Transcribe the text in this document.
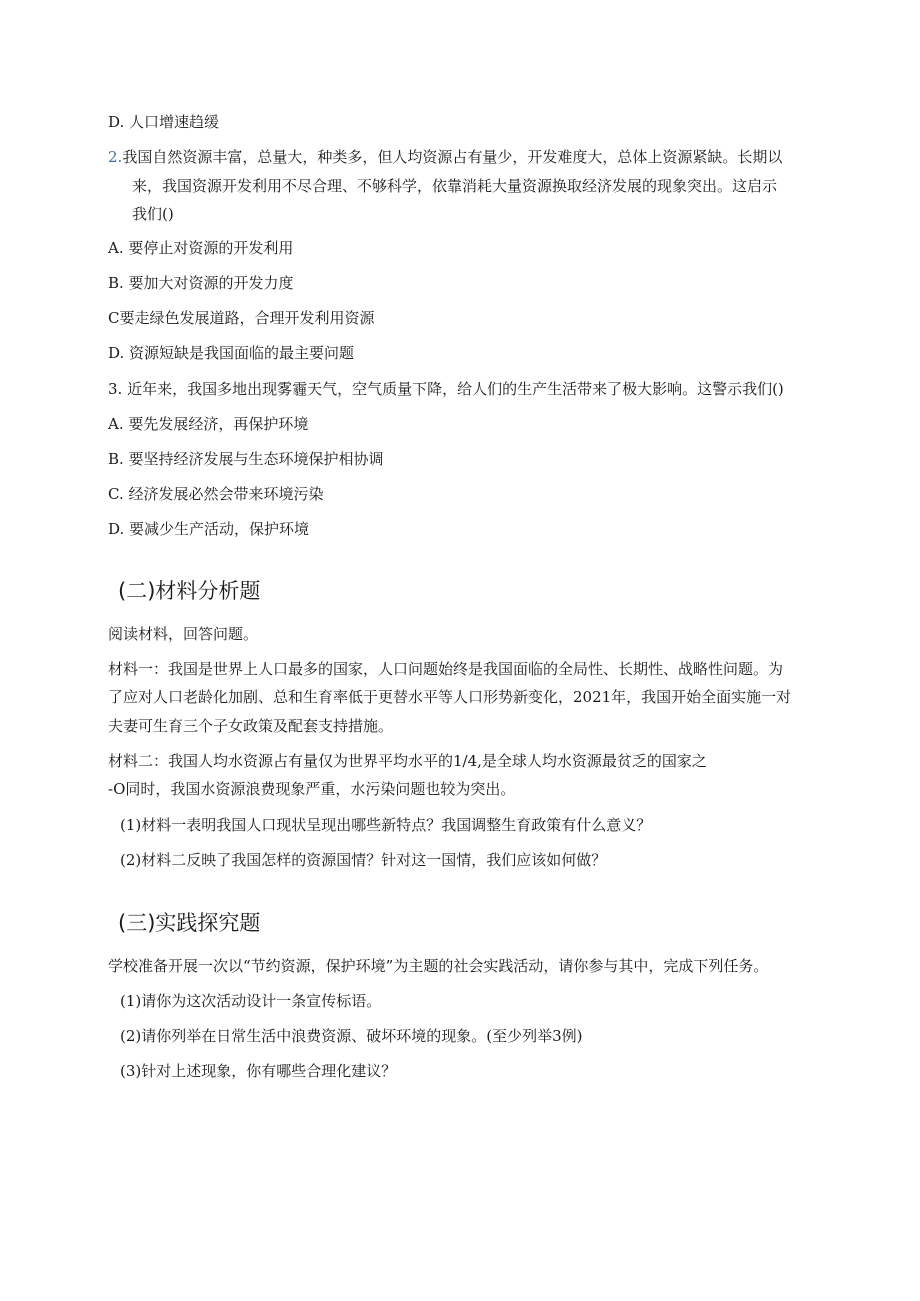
D. 人口增速趋缓
2.我国自然资源丰富，总量大，种类多，但人均资源占有量少，开发难度大，总体上资源紧缺。长期以
来，我国资源开发利用不尽合理、不够科学，依靠消耗大量资源换取经济发展的现象突出。这启示
我们()
A. 要停止对资源的开发利用
B. 要加大对资源的开发力度
C要走绿色发展道路，合理开发利用资源
D. 资源短缺是我国面临的最主要问题
3. 近年来，我国多地出现雾霾天气，空气质量下降，给人们的生产生活带来了极大影响。这警示我们()
A. 要先发展经济，再保护环境
B. 要坚持经济发展与生态环境保护相协调
C. 经济发展必然会带来环境污染
D. 要减少生产活动，保护环境
(二)材料分析题
阅读材料，回答问题。
材料一：我国是世界上人口最多的国家，人口问题始终是我国面临的全局性、长期性、战略性问题。为
了应对人口老龄化加剧、总和生育率低于更替水平等人口形势新变化，2021年，我国开始全面实施一对
夫妻可生育三个子女政策及配套支持措施。
材料二：我国人均水资源占有量仅为世界平均水平的1/4,是全球人均水资源最贫乏的国家之
-O同时，我国水资源浪费现象严重，水污染问题也较为突出。
(1)材料一表明我国人口现状呈现出哪些新特点？我国调整生育政策有什么意义？
(2)材料二反映了我国怎样的资源国情？针对这一国情，我们应该如何做？
(三)实践探究题
学校准备开展一次以“节约资源，保护环境”为主题的社会实践活动，请你参与其中，完成下列任务。
(1)请你为这次活动设计一条宣传标语。
(2)请你列举在日常生活中浪费资源、破坏环境的现象。(至少列举3例)
(3)针对上述现象，你有哪些合理化建议？
